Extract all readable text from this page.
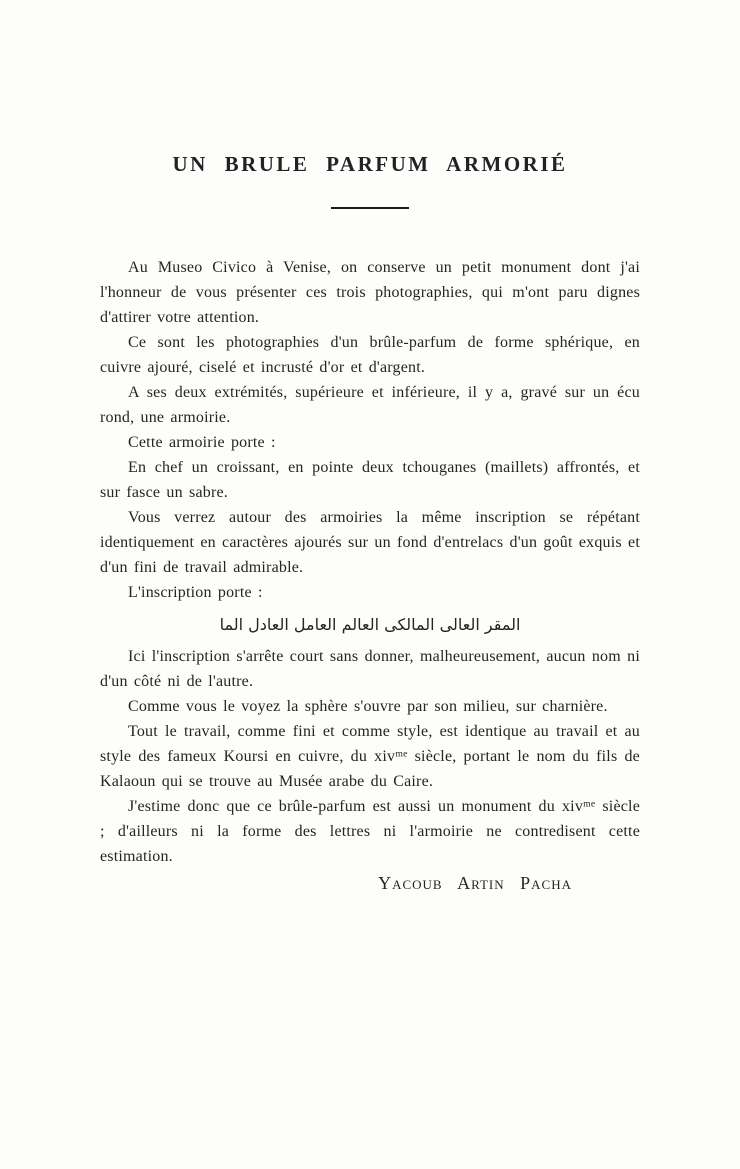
UN BRULE PARFUM ARMORIÉ

Au Museo Civico à Venise, on conserve un petit monument dont j'ai l'honneur de vous présenter ces trois photographies, qui m'ont paru dignes d'attirer votre attention.

Ce sont les photographies d'un brûle-parfum de forme sphérique, en cuivre ajouré, ciselé et incrusté d'or et d'argent.

A ses deux extrémités, supérieure et inférieure, il y a, gravé sur un écu rond, une armoirie.

Cette armoirie porte :

En chef un croissant, en pointe deux tchouganes (maillets) affrontés, et sur fasce un sabre.

Vous verrez autour des armoiries la même inscription se répétant identiquement en caractères ajourés sur un fond d'entrelacs d'un goût exquis et d'un fini de travail admirable.

L'inscription porte :

المقر العالى المالكى العالم العامل العادل الما

Ici l'inscription s'arrête court sans donner, malheureusement, aucun nom ni d'un côté ni de l'autre.

Comme vous le voyez la sphère s'ouvre par son milieu, sur charnière.

Tout le travail, comme fini et comme style, est identique au travail et au style des fameux Koursi en cuivre, du xivᵐᵉ siècle, portant le nom du fils de Kalaoun qui se trouve au Musée arabe du Caire.

J'estime donc que ce brûle-parfum est aussi un monument du xivᵐᵉ siècle ; d'ailleurs ni la forme des lettres ni l'armoirie ne contredisent cette estimation.

Yacoub Artin Pacha
